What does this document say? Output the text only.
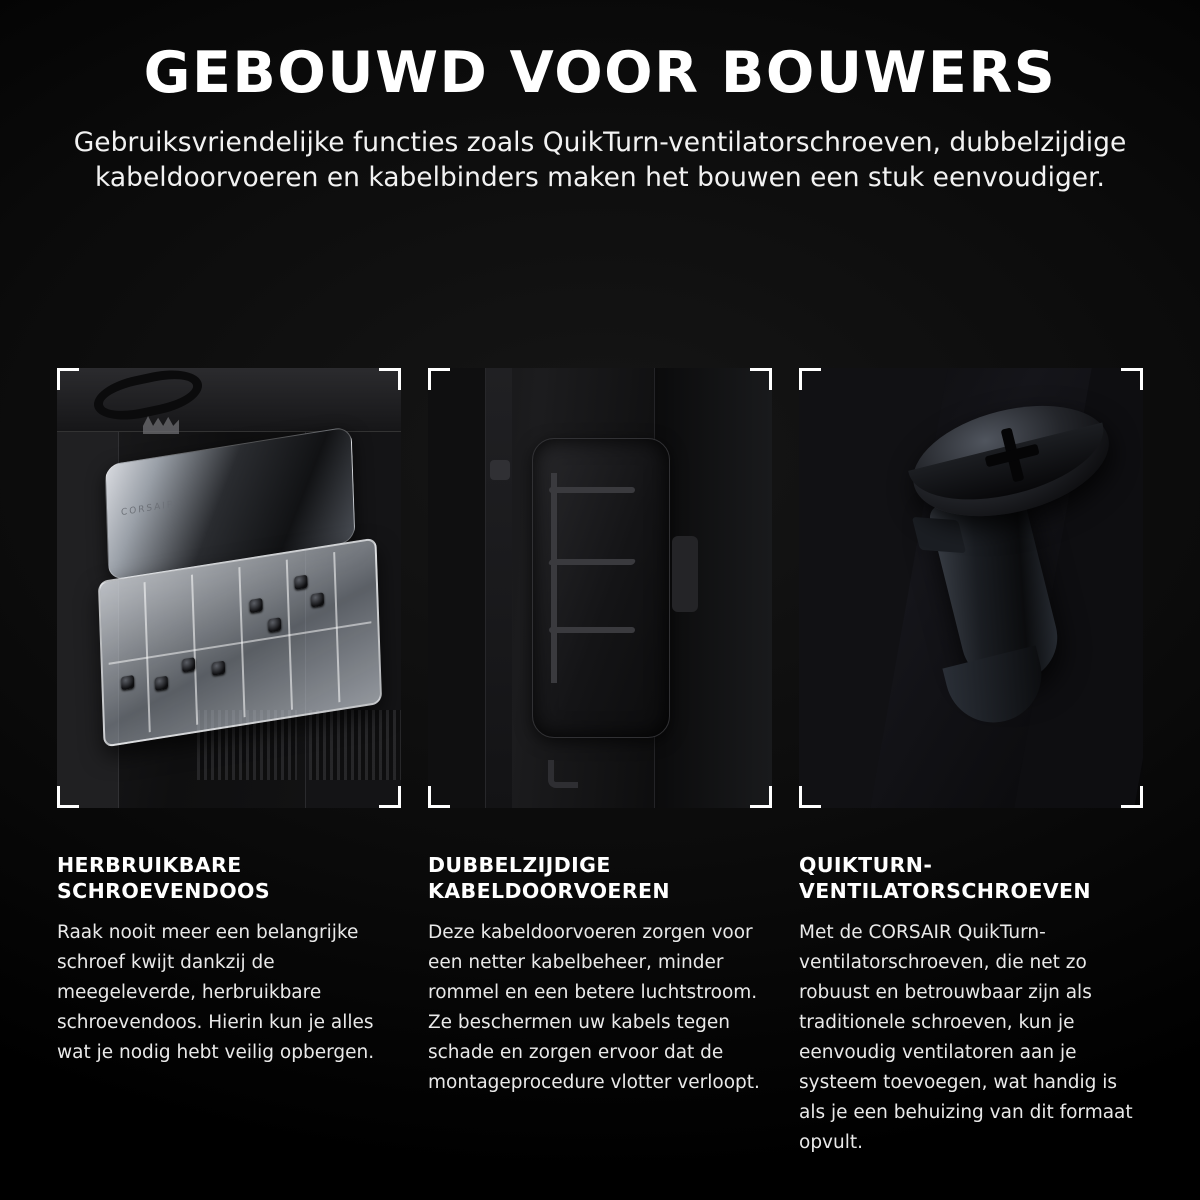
GEBOUWD VOOR BOUWERS

Gebruiksvriendelijke functies zoals QuikTurn-ventilatorschroeven, dubbelzijdige kabeldoorvoeren en kabelbinders maken het bouwen een stuk eenvoudiger.

CORSAIR
HERBRUIKBARE SCHROEVENDOOS

Raak nooit meer een belangrijke schroef kwijt dankzij de meegeleverde, herbruikbare schroevendoos. Hierin kun je alles wat je nodig hebt veilig opbergen.

DUBBELZIJDIGE KABELDOORVOEREN

Deze kabeldoorvoeren zorgen voor een netter kabelbeheer, minder rommel en een betere luchtstroom. Ze beschermen uw kabels tegen schade en zorgen ervoor dat de montageprocedure vlotter verloopt.

QUIKTURN-VENTILATORSCHROEVEN

Met de CORSAIR QuikTurn-ventilatorschroeven, die net zo robuust en betrouwbaar zijn als traditionele schroeven, kun je eenvoudig ventilatoren aan je systeem toevoegen, wat handig is als je een behuizing van dit formaat opvult.
